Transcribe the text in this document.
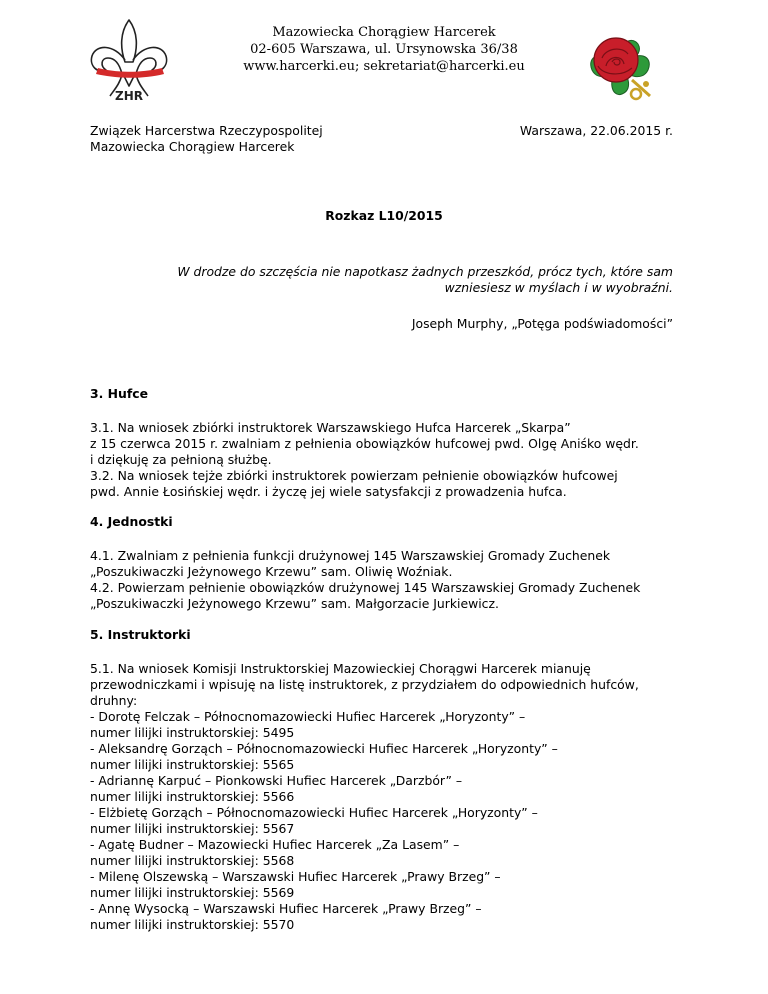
ZHR
Mazowiecka Chorągiew Harcerek
02-605 Warszawa, ul. Ursynowska 36/38
www.harcerki.eu; sekretariat@harcerki.eu
Związek Harcerstwa Rzeczypospolitej
Mazowiecka Chorągiew Harcerek
Warszawa, 22.06.2015 r.
Rozkaz L10/2015
W drodze do szczęścia nie napotkasz żadnych przeszkód, prócz tych, które sam
wzniesiesz w myślach i w wyobraźni.
Joseph Murphy, „Potęga podświadomości”
3. Hufce
3.1. Na wniosek zbiórki instruktorek Warszawskiego Hufca Harcerek „Skarpa”
z 15 czerwca 2015 r. zwalniam z pełnienia obowiązków hufcowej pwd. Olgę Aniśko wędr.
i dziękuję za pełnioną służbę.
3.2. Na wniosek tejże zbiórki instruktorek powierzam pełnienie obowiązków hufcowej
pwd. Annie Łosińskiej wędr. i życzę jej wiele satysfakcji z prowadzenia hufca.
4. Jednostki
4.1. Zwalniam z pełnienia funkcji drużynowej 145 Warszawskiej Gromady Zuchenek
„Poszukiwaczki Jeżynowego Krzewu” sam. Oliwię Woźniak.
4.2. Powierzam pełnienie obowiązków drużynowej 145 Warszawskiej Gromady Zuchenek
„Poszukiwaczki Jeżynowego Krzewu” sam. Małgorzacie Jurkiewicz.
5. Instruktorki
5.1. Na wniosek Komisji Instruktorskiej Mazowieckiej Chorągwi Harcerek mianuję
przewodniczkami i wpisuję na listę instruktorek, z przydziałem do odpowiednich hufców,
druhny:
- Dorotę Felczak – Północnomazowiecki Hufiec Harcerek „Horyzonty” –
numer lilijki instruktorskiej: 5495
- Aleksandrę Gorząch – Północnomazowiecki Hufiec Harcerek „Horyzonty” –
numer lilijki instruktorskiej: 5565
- Adriannę Karpuć – Pionkowski Hufiec Harcerek „Darzbór” –
numer lilijki instruktorskiej: 5566
- Elżbietę Gorząch – Północnomazowiecki Hufiec Harcerek „Horyzonty” –
numer lilijki instruktorskiej: 5567
- Agatę Budner – Mazowiecki Hufiec Harcerek „Za Lasem” –
numer lilijki instruktorskiej: 5568
- Milenę Olszewską – Warszawski Hufiec Harcerek „Prawy Brzeg” –
numer lilijki instruktorskiej: 5569
- Annę Wysocką – Warszawski Hufiec Harcerek „Prawy Brzeg” –
numer lilijki instruktorskiej: 5570
